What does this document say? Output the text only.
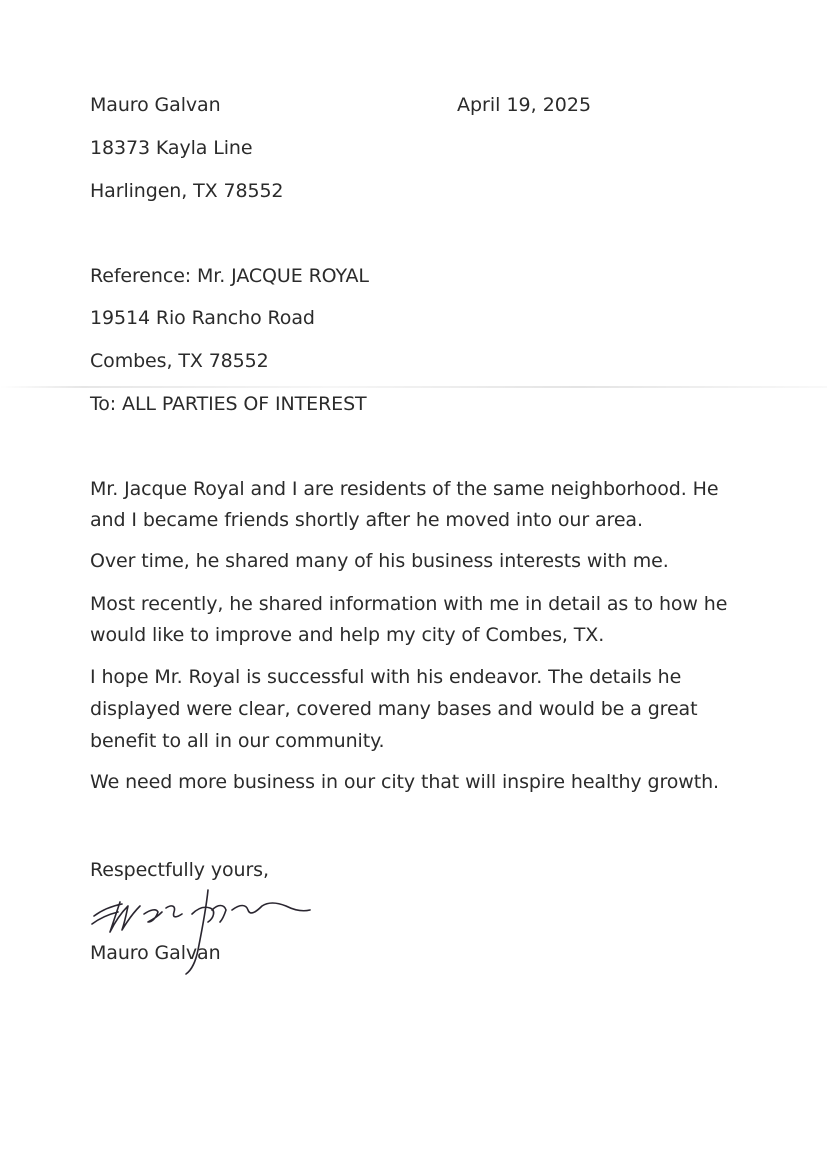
Mauro Galvan	April 19, 2025
18373 Kayla Line
Harlingen, TX 78552
Reference: Mr. JACQUE ROYAL
19514 Rio Rancho Road
Combes, TX 78552
To: ALL PARTIES OF INTEREST
Mr. Jacque Royal and I are residents of the same neighborhood. He
and I became friends shortly after he moved into our area.
Over time, he shared many of his business interests with me.
Most recently, he shared information with me in detail as to how he
would like to improve and help my city of Combes, TX.
I hope Mr. Royal is successful with his endeavor. The details he
displayed were clear, covered many bases and would be a great
benefit to all in our community.
We need more business in our city that will inspire healthy growth.
Respectfully yours,
Mauro Galvan
